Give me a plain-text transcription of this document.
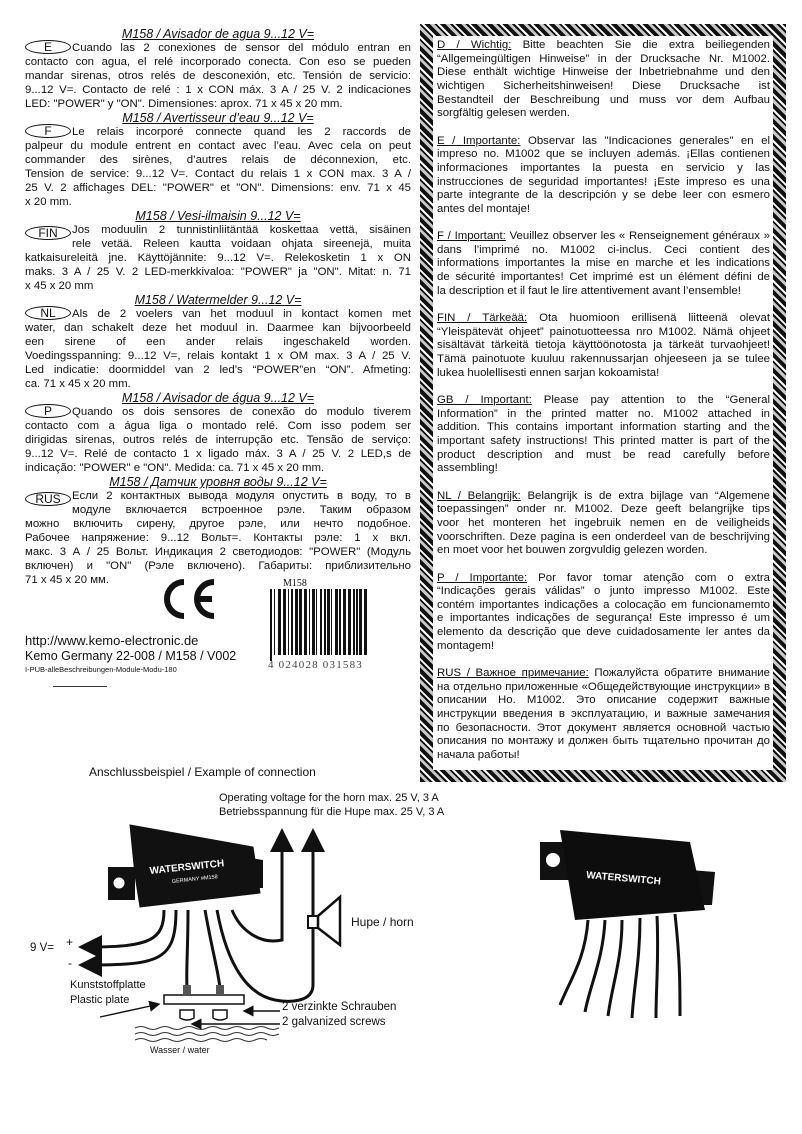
M158 / Avisador de agua 9...12 V=
E	Cuando las 2 conexiones de sensor del módulo entran en
contacto con agua, el relé incorporado conecta. Con eso se pueden
mandar sirenas, otros relés de desconexión, etc. Tensión de servicio:
9...12 V=. Contacto de relé : 1 x CON máx. 3 A / 25 V. 2 indicaciones
LED: "POWER" y "ON". Dimensiones: aprox. 71 x 45 x 20 mm.
M158 / Avertisseur d’eau 9...12 V=
F	Le relais incorporé connecte quand les 2 raccords de
palpeur du module entrent en contact avec l’eau. Avec cela on peut
commander des sirènes, d’autres relais de déconnexion, etc.
Tension de service: 9...12 V=. Contact du relais 1 x CON max. 3 A /
25 V. 2 affichages DEL: "POWER" et "ON". Dimensions: env. 71 x 45
x 20 mm.
M158 / Vesi-ilmaisin 9...12 V=
FIN	Jos moduulin 2 tunnistinliitäntää koskettaa vettä, sisäinen
rele vetää. Releen kautta voidaan ohjata sireenejä, muita
katkaisureleitä jne. Käyttöjännite: 9...12 V=. Relekosketin 1 x ON
maks. 3 A / 25 V. 2 LED-merkkivaloa: "POWER" ja "ON". Mitat: n. 71
x 45 x 20 mm
M158 / Watermelder 9...12 V=
NL	Als de 2 voelers van het moduul in kontact komen met
water, dan schakelt deze het moduul in. Daarmee kan bijvoorbeeld
een sirene of een ander relais ingeschakeld worden.
Voedingsspanning: 9...12 V=, relais kontakt 1 x OM max. 3 A / 25 V.
Led indicatie: doormiddel van 2 led’s “POWER”en “ON”. Afmeting:
ca. 71 x 45 x 20 mm.
M158 / Avisador de água 9...12 V=
P	Quando os dois sensores de conexão do modulo tiverem
contacto com a água liga o montado relé. Com isso podem ser
dirigidas sirenas, outros relés de interrupção etc. Tensão de serviço:
9...12 V=. Relé de contacto 1 x ligado máx. 3 A / 25 V. 2 LED,s de
indicação: "POWER" e "ON". Medida: ca. 71 x 45 x 20 mm.
M158 / Датчик уровня воды 9...12 V=
RUS Если 2 контактных вывода модуля опустить в воду, то в
модуле включается встроенное рэле. Таким образом
можно включить сирену, другое рэле, или нечто подобное.
Рабочее напряжение: 9...12 Вольт=. Контакты рэле: 1 х вкл.
макс. 3 А / 25 Вольт. Индикация 2 светодиодов: "POWER" (Модуль
включен) и "ON" (Рэле включено). Габариты: приблизительно
71 x 45 x 20 мм.
D / Wichtig: Bitte beachten Sie die extra beiliegenden
“Allgemeingültigen Hinweise” in der Drucksache Nr. M1002.
Diese enthält wichtige Hinweise der Inbetriebnahme und den
wichtigen Sicherheitshinweisen! Diese Drucksache ist
Bestandteil der Beschreibung und muss vor dem Aufbau
sorgfältig gelesen werden.
E / Importante: Observar las "Indicaciones generales" en el
impreso no. M1002 que se incluyen además. ¡Ellas contienen
informaciones importantes la puesta en servicio y las
instrucciones de seguridad importantes! ¡Este impreso es una
parte integrante de la descripción y se debe leer con esmero
antes del montaje!
F / Important: Veuillez observer les « Renseignement généraux »
dans l’imprimé no. M1002 ci-inclus. Ceci contient des
informations importantes la mise en marche et les indications
de sécurité importantes! Cet imprimé est un élément défini de
la description et il faut le lire attentivement avant l’ensemble!
FIN / Tärkeää: Ota huomioon erillisenä liitteenä olevat
“Yleispätevät ohjeet” painotuotteessa nro M1002. Nämä ohjeet
sisältävät tärkeitä tietoja käyttöönotosta ja tärkeät turvaohjeet!
Tämä painotuote kuuluu rakennussarjan ohjeeseen ja se tulee
lukea huolellisesti ennen sarjan kokoamista!
GB / Important: Please pay attention to the “General
Information” in the printed matter no. M1002 attached in
addition. This contains important information starting and the
important safety instructions! This printed matter is part of the
product description and must be read carefully before
assembling!
NL / Belangrijk: Belangrijk is de extra bijlage van “Algemene
toepassingen” onder nr. M1002. Deze geeft belangrijke tips
voor het monteren het ingebruik nemen en de veiligheids
voorschriften. Deze pagina is een onderdeel van de beschrijving
en moet voor het bouwen zorgvuldig gelezen worden.
P / Importante: Por favor tomar atenção com o extra
“Indicações gerais válidas” o junto impresso M1002. Este
contém importantes indicações a colocação em funcionamemto
e importantes indicações de segurança! Este impresso é um
elemento da descrição que deve cuidadosamente ler antes da
montagem!
RUS / Важное примечание: Пожалуйста обратите внимание
на отдельно приложенные «Общедействующие инструкции» в
описании Но. M1002. Это описание содержит важные
инструкции введения в эксплуатацию, и важные замечания
по безопасности. Этот документ является основной частью
описания по монтажу и должен быть тщательно прочитан до
начала работы!
M158
4 024028 031583
http://www.kemo-electronic.de
Kemo Germany 22-008 / M158 / V002
I-PUB-alleBeschreibungen-Module-Modu-180
Anschlussbeispiel / Example of connection
Operating voltage for the horn max. 25 V, 3 A
Betriebsspannung für die Hupe max. 25 V, 3 A
9 V= +
-
Hupe / horn
Kunststoffplatte
Plastic plate
2 verzinkte Schrauben
2 galvanized screws
Wasser / water
WATERSWITCH
GERMANY #M158	WATERSWITCH
